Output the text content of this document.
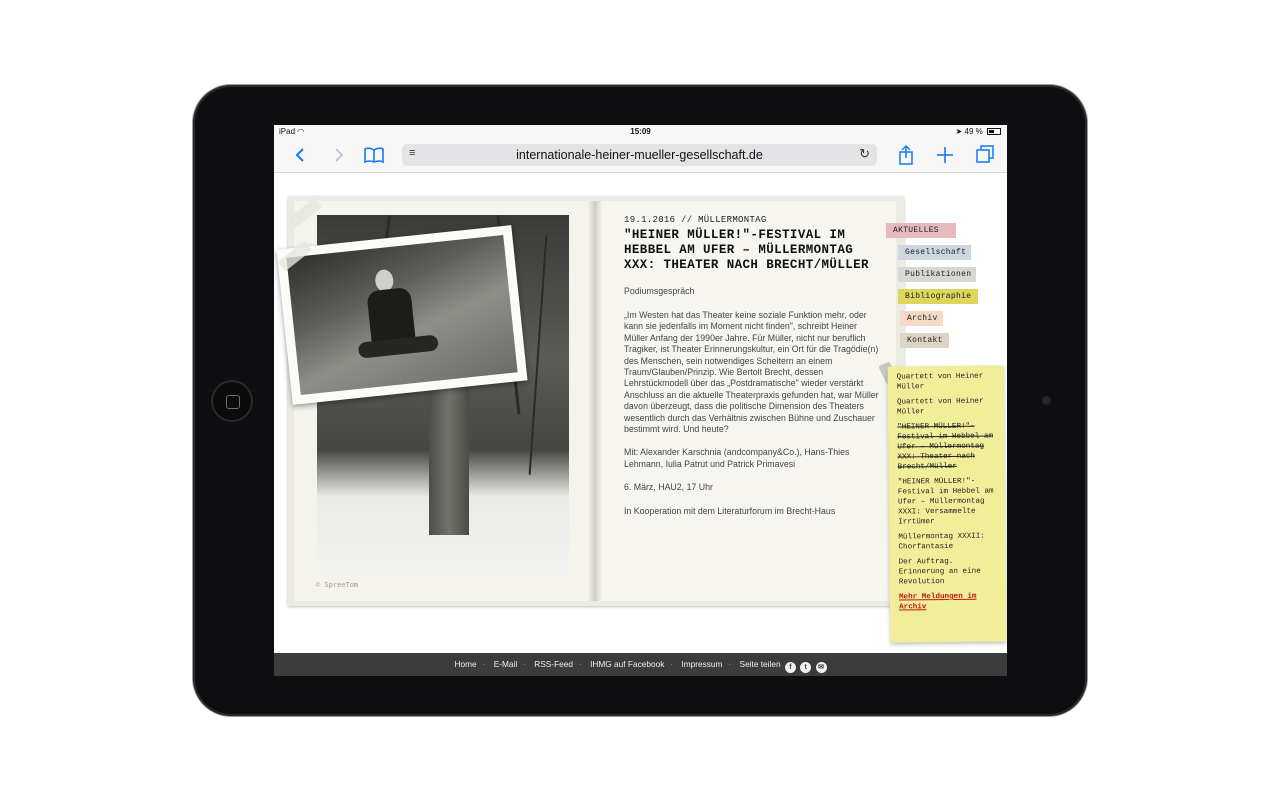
iPad ◠	15:09	➤ 49 %
≡	internationale-heiner-mueller-gesellschaft.de	↻
© SpreeTom
19.1.2016 // MÜLLERMONTAG
"HEINER MÜLLER!"-FESTIVAL IM HEBBEL AM UFER – MÜLLERMONTAG XXX: THEATER NACH BRECHT/MÜLLER
Podiumsgespräch
„Im Westen hat das Theater keine soziale Funktion mehr, oder kann sie jedenfalls im Moment nicht finden", schreibt Heiner Müller Anfang der 1990er Jahre. Für Müller, nicht nur beruflich Tragiker, ist Theater Erinnerungskultur, ein Ort für die Tragödie(n) des Menschen, sein notwendiges Scheitern an einem Traum/Glauben/Prinzip. Wie Bertolt Brecht, dessen Lehrstückmodell über das „Postdramatische" wieder verstärkt Anschluss an die aktuelle Theaterpraxis gefunden hat, war Müller davon überzeugt, dass die politische Dimension des Theaters wesentlich durch das Verhältnis zwischen Bühne und Zuschauer bestimmt wird. Und heute?
Mit: Alexander Karschnia (andcompany&Co.), Hans-Thies Lehmann, Iulia Patrut und Patrick Primavesi
6. März, HAU2, 17 Uhr
In Kooperation mit dem Literaturforum im Brecht-Haus
AKTUELLES
Gesellschaft
Publikationen
Bibliographie
Archiv
Kontakt
Quartett von Heiner Müller
Quartett von Heiner Müller
"HEINER MÜLLER!"-Festival im Hebbel am Ufer – Müllermontag XXX: Theater nach Brecht/Müller
"HEINER MÜLLER!"-Festival im Hebbel am Ufer – Müllermontag XXXI: Versammelte Irrtümer
Müllermontag XXXII: Chorfantasie
Der Auftrag. Erinnerung an eine Revolution
Mehr Meldungen im Archiv
Home · E-Mail · RSS-Feed · IHMG auf Facebook · Impressum · Seite teilen f t ✉
